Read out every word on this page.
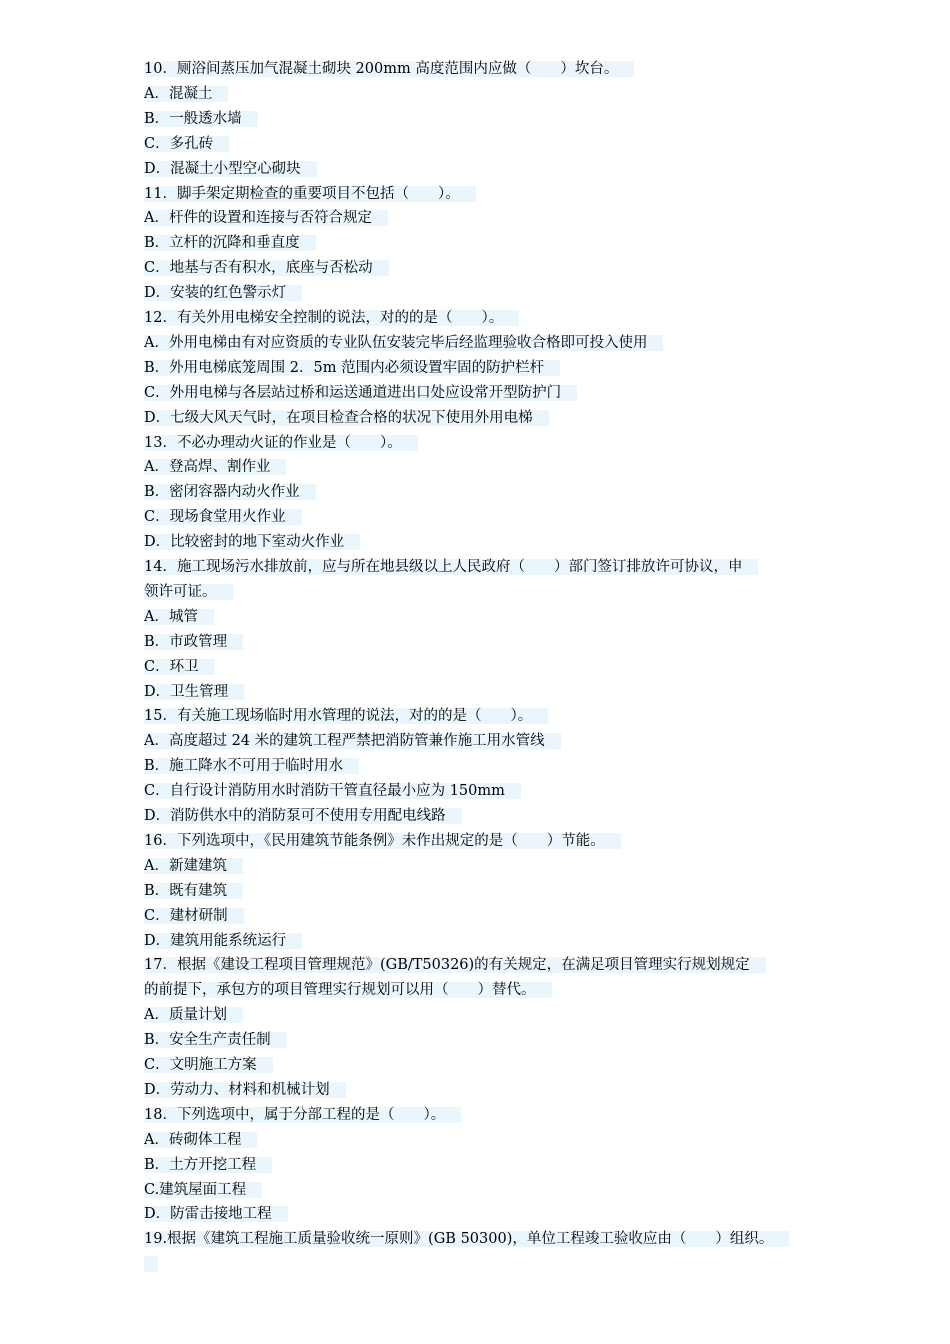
10．厕浴间蒸压加气混凝土砌块 200mm 高度范围内应做（　　）坎台。
A．混凝土
B．一般透水墙
C．多孔砖
D．混凝土小型空心砌块
11．脚手架定期检查的重要项目不包括（　　）。
A．杆件的设置和连接与否符合规定
B．立杆的沉降和垂直度
C．地基与否有积水，底座与否松动
D．安装的红色警示灯
12．有关外用电梯安全控制的说法，对的的是（　　）。
A．外用电梯由有对应资质的专业队伍安装完毕后经监理验收合格即可投入使用
B．外用电梯底笼周围 2．5m 范围内必须设置牢固的防护栏杆
C．外用电梯与各层站过桥和运送通道进出口处应设常开型防护门
D．七级大风天气时，在项目检查合格的状况下使用外用电梯
13．不必办理动火证的作业是（　　）。
A．登高焊、割作业
B．密闭容器内动火作业
C．现场食堂用火作业
D．比较密封的地下室动火作业
14．施工现场污水排放前，应与所在地县级以上人民政府（　　）部门签订排放许可协议，申
领许可证。
A．城管
B．市政管理
C．环卫
D．卫生管理
15．有关施工现场临时用水管理的说法，对的的是（　　）。
A．高度超过 24 米的建筑工程严禁把消防管兼作施工用水管线
B．施工降水不可用于临时用水
C．自行设计消防用水时消防干管直径最小应为 150mm
D．消防供水中的消防泵可不使用专用配电线路
16．下列选项中，《民用建筑节能条例》未作出规定的是（　　）节能。
A．新建建筑
B．既有建筑
C．建材研制
D．建筑用能系统运行
17．根据《建设工程项目管理规范》(GB/T50326)的有关规定，在满足项目管理实行规划规定
的前提下，承包方的项目管理实行规划可以用（　　）替代。
A．质量计划
B．安全生产责任制
C．文明施工方案
D．劳动力、材料和机械计划
18．下列选项中，属于分部工程的是（　　）。
A．砖砌体工程
B．土方开挖工程
C.建筑屋面工程
D．防雷击接地工程
19.根据《建筑工程施工质量验收统一原则》(GB 50300)，单位工程竣工验收应由（　　）组织。
